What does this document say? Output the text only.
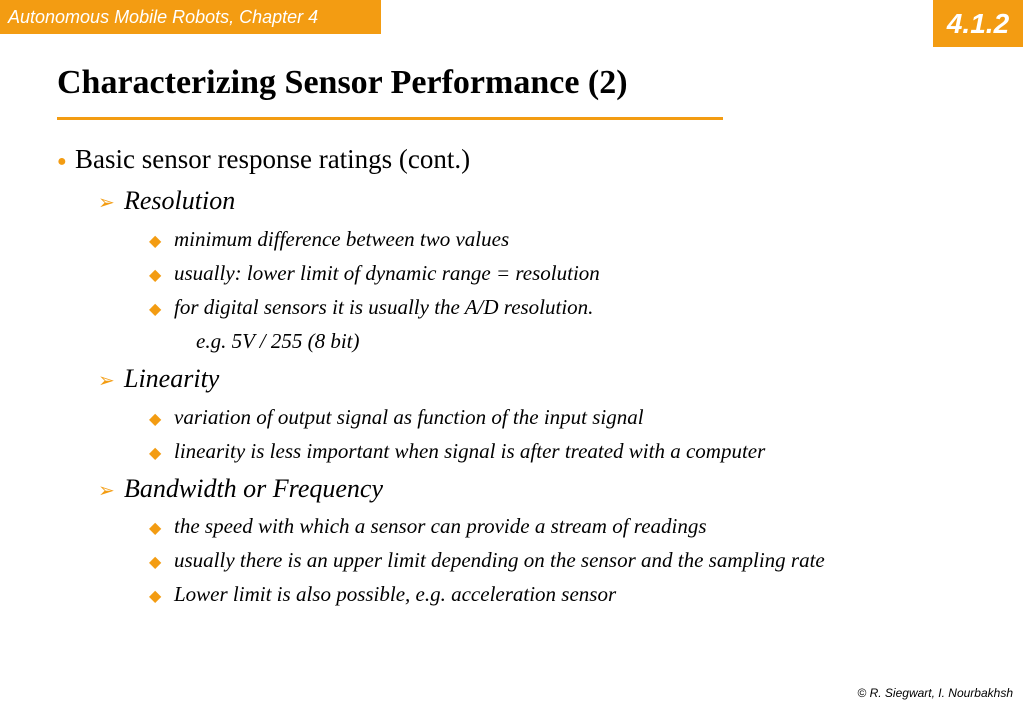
Autonomous Mobile Robots, Chapter 4	4.1.2
Characterizing Sensor Performance (2)
● Basic sensor response ratings (cont.)
➢ Resolution
◆ minimum difference between two values
◆ usually: lower limit of dynamic range = resolution
◆ for digital sensors it is usually the A/D resolution.
e.g. 5V / 255 (8 bit)
➢ Linearity
◆ variation of output signal as function of the input signal
◆ linearity is less important when signal is after treated with a computer
➢ Bandwidth or Frequency
◆ the speed with which a sensor can provide a stream of readings
◆ usually there is an upper limit depending on the sensor and the sampling rate
◆ Lower limit is also possible, e.g. acceleration sensor
© R. Siegwart, I. Nourbakhsh
